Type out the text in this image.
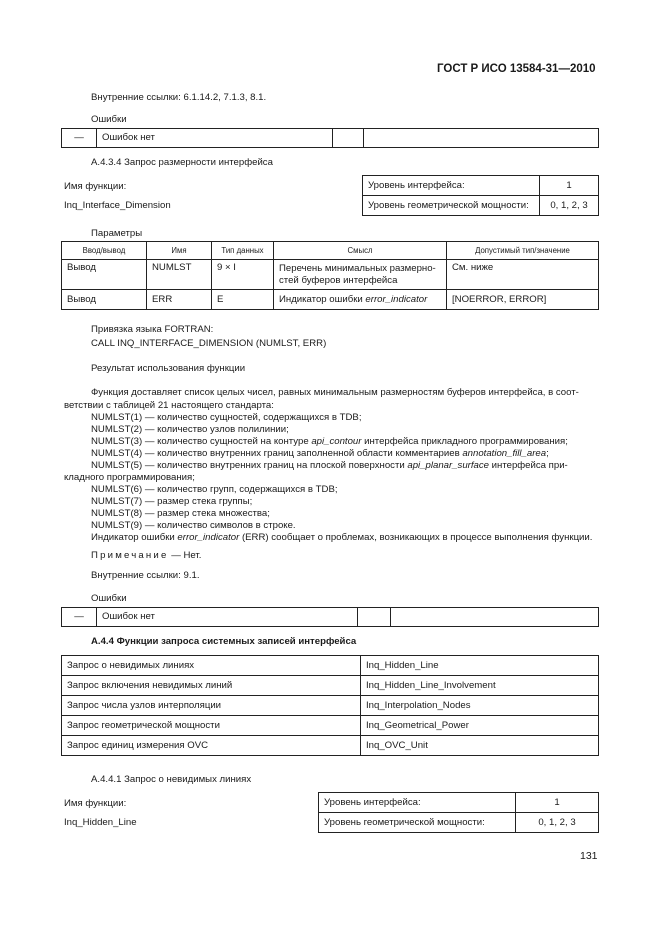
ГОСТ Р ИСО 13584-31—2010
Внутренние ссылки: 6.1.14.2, 7.1.3, 8.1.
Ошибки
—	Ошибок нет		
А.4.3.4 Запрос размерности интерфейса
Имя функции:
Inq_Interface_Dimension
Уровень интерфейса:	1
Уровень геометрической мощности:	0, 1, 2, 3
Параметры
Ввод/вывод	Имя	Тип данных	Смысл	Допустимый тип/значение
Вывод	NUMLST	9 × I	Перечень минимальных размерно-стей буферов интерфейса	См. ниже
Вывод	ERR	E	Индикатор ошибки error_indicator	[NOERROR, ERROR]
Привязка языка FORTRAN:
CALL INQ_INTERFACE_DIMENSION (NUMLST, ERR)
Результат использования функции
Функция доставляет список целых чисел, равных минимальным размерностям буферов интерфейса, в соот-
ветствии с таблицей 21 настоящего стандарта:
NUMLST(1) — количество сущностей, содержащихся в TDB;
NUMLST(2) — количество узлов полилинии;
NUMLST(3) — количество сущностей на контуре api_contour интерфейса прикладного программирования;
NUMLST(4) — количество внутренних границ заполненной области комментариев annotation_fill_area;
NUMLST(5) — количество внутренних границ на плоской поверхности api_planar_surface интерфейса при-
кладного программирования;
NUMLST(6) — количество групп, содержащихся в TDB;
NUMLST(7) — размер стека группы;
NUMLST(8) — размер стека множества;
NUMLST(9) — количество символов в строке.
Индикатор ошибки error_indicator (ERR) сообщает о проблемах, возникающих в процессе выполнения функции.
Примечание — Нет.
Внутренние ссылки: 9.1.
Ошибки
—	Ошибок нет		
А.4.4 Функции запроса системных записей интерфейса
Запрос о невидимых линиях	Inq_Hidden_Line
Запрос включения невидимых линий	Inq_Hidden_Line_Involvement
Запрос числа узлов интерполяции	Inq_Interpolation_Nodes
Запрос геометрической мощности	Inq_Geometrical_Power
Запрос единиц измерения OVC	Inq_OVC_Unit
А.4.4.1 Запрос о невидимых линиях
Имя функции:
Inq_Hidden_Line
Уровень интерфейса:	1
Уровень геометрической мощности:	0, 1, 2, 3
131
